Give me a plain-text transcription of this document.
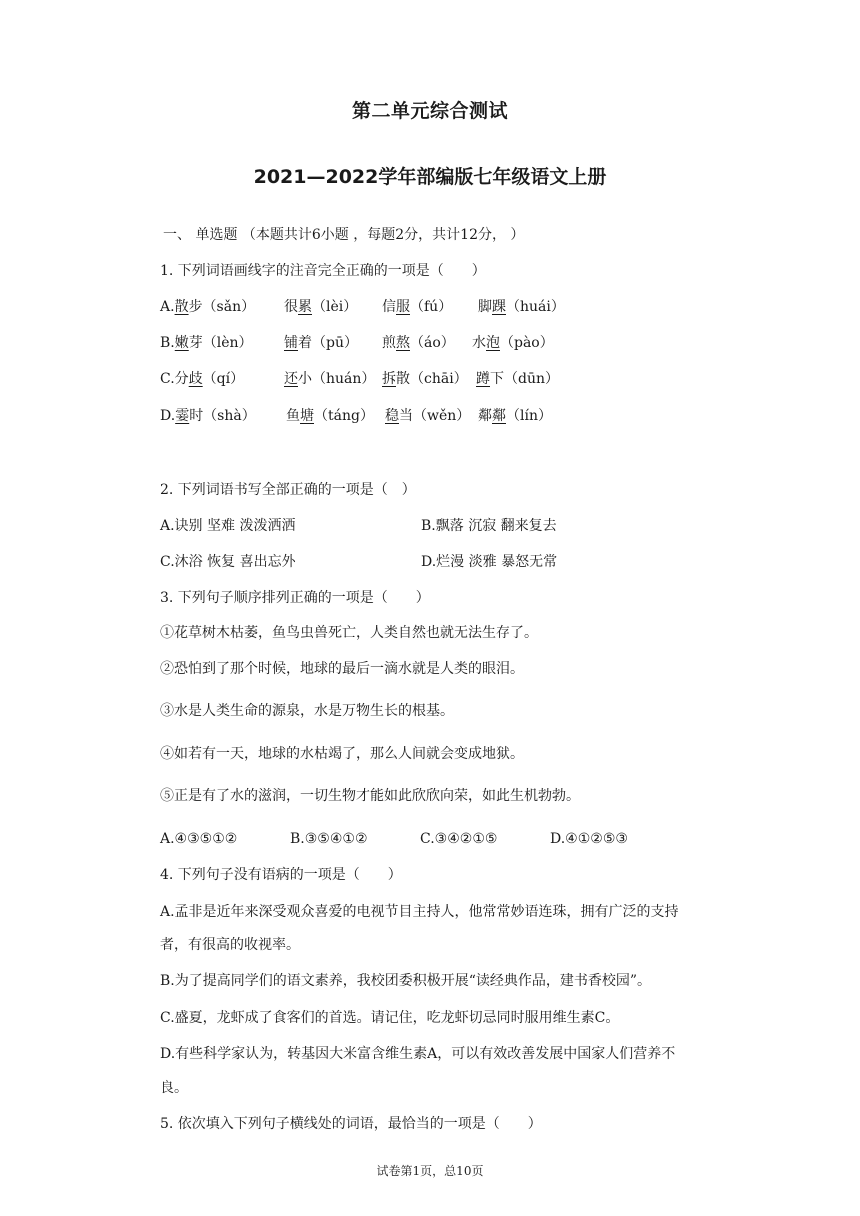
第二单元综合测试
2021—2022学年部编版七年级语文上册
一、 单选题 （本题共计6小题 ，每题2分，共计12分， ）
1. 下列词语画线字的注音完全正确的一项是（　　）
A.散步（sǎn） 很累（lèi） 信服（fú） 脚踝（huái）
B.嫩芽（lèn） 铺着（pū） 煎熬（áo） 水泡（pào）
C.分歧（qí）	还小（huán） 拆散（chāi） 蹲下（dūn）
D.霎时（shà） 鱼塘（táng） 稳当（wěn） 鄰鄰（lín）
2. 下列词语书写全部正确的一项是（　）
A.诀别 坚难 泼泼洒洒	B.飘落 沉寂 翻来复去
C.沐浴 恢复 喜出忘外	D.烂漫 淡雅 暴怒无常
3. 下列句子顺序排列正确的一项是（　　）
①花草树木枯萎，鱼鸟虫兽死亡，人类自然也就无法生存了。
②恐怕到了那个时候，地球的最后一滴水就是人类的眼泪。
③水是人类生命的源泉，水是万物生长的根基。
④如若有一天，地球的水枯竭了，那么人间就会变成地狱。
⑤正是有了水的滋润，一切生物才能如此欣欣向荣，如此生机勃勃。
A.④③⑤①②	B.③⑤④①②	C.③④②①⑤	D.④①②⑤③
4. 下列句子没有语病的一项是（　　）
A.孟非是近年来深受观众喜爱的电视节目主持人，他常常妙语连珠，拥有广泛的支持
者，有很高的收视率。
B.为了提高同学们的语文素养，我校团委积极开展“读经典作品，建书香校园”。
C.盛夏，龙虾成了食客们的首选。请记住，吃龙虾切忌同时服用维生素C。
D.有些科学家认为，转基因大米富含维生素A，可以有效改善发展中国家人们营养不
良。
5. 依次填入下列句子横线处的词语，最恰当的一项是（　　）
试卷第1页，总10页
